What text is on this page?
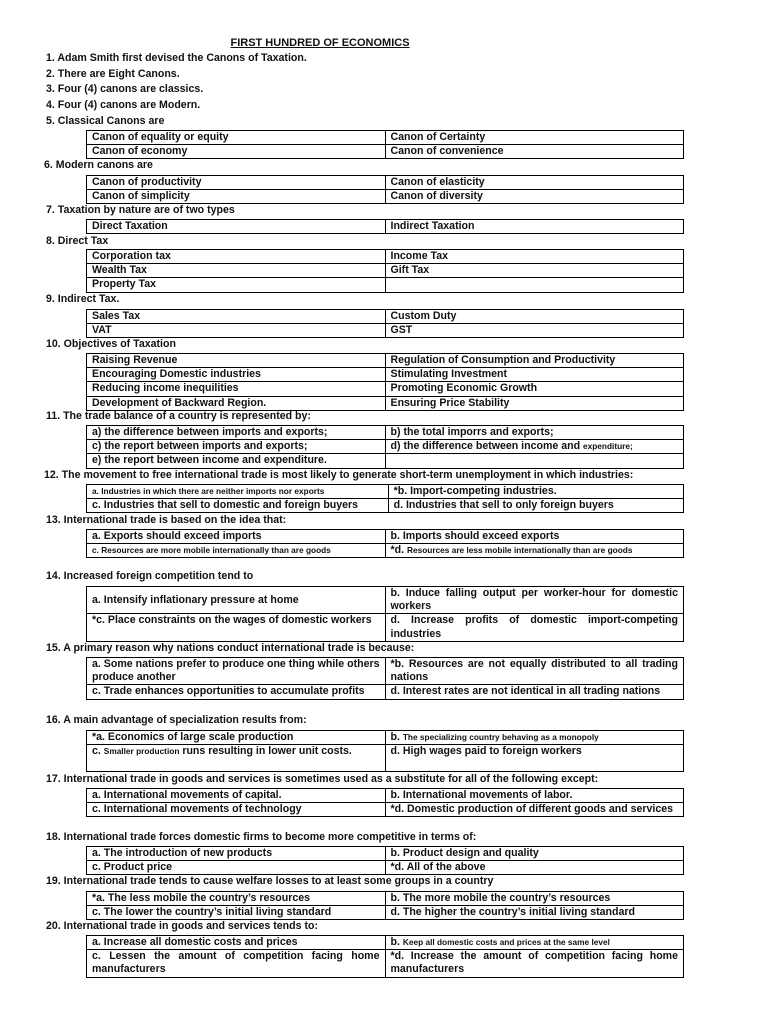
FIRST HUNDRED OF ECONOMICS
1. Adam Smith first devised the Canons of Taxation.
2. There are Eight Canons.
3. Four (4) canons are classics.
4. Four (4) canons are Modern.
5. Classical Canons are
Canon of equality or equity	Canon of Certainty
Canon of economy	Canon of convenience
6. Modern canons are
Canon of productivity	Canon of elasticity
Canon of simplicity	Canon of diversity
7. Taxation by nature are of two types
Direct Taxation	Indirect Taxation
8. Direct Tax
Corporation tax	Income Tax
Wealth Tax	Gift Tax
Property Tax	
9. Indirect Tax.
Sales Tax	Custom Duty
VAT	GST
10. Objectives of Taxation
Raising Revenue	Regulation of Consumption and Productivity
Encouraging Domestic industries	Stimulating Investment
Reducing income inequilities	Promoting Economic Growth
Development of Backward Region.	Ensuring Price Stability
11. The trade balance of a country is represented by:
a) the difference between imports and exports;	b) the total imporrs and exports;
c) the report between imports and exports;	d) the difference between income and expenditure;
e) the report between income and expenditure.	
12. The movement to free international trade is most likely to generate short-term unemployment in which industries:
a. Industries in which there are neither imports nor exports	*b. Import-competing industries.
c. Industries that sell to domestic and foreign buyers	d. Industries that sell to only foreign buyers
13. International trade is based on the idea that:
a. Exports should exceed imports	b. Imports should exceed exports
c. Resources are more mobile internationally than are goods	*d. Resources are less mobile internationally than are goods
14. Increased foreign competition tend to
a. Intensify inflationary pressure at home	b. Induce falling output per worker-hour for domestic workers
*c. Place constraints on the wages of domestic workers	d. Increase profits of domestic import-competing industries
15. A primary reason why nations conduct international trade is because:
a. Some nations prefer to produce one thing while others produce another	*b. Resources are not equally distributed to all trading nations
c. Trade enhances opportunities to accumulate profits	d. Interest rates are not identical in all trading nations
16. A main advantage of specialization results from:
*a. Economics of large scale production	b. The specializing country behaving as a monopoly
c. Smaller production runs resulting in lower unit costs.	d. High wages paid to foreign workers
17. International trade in goods and services is sometimes used as a substitute for all of the following except:
a. International movements of capital.	b. International movements of labor.
c. International movements of technology	*d. Domestic production of different goods and services
18. International trade forces domestic firms to become more competitive in terms of:
a. The introduction of new products	b. Product design and quality
c. Product price	*d. All of the above
19. International trade tends to cause welfare losses to at least some groups in a country
*a. The less mobile the country’s resources	b. The more mobile the country’s resources
c. The lower the country’s initial living standard	d. The higher the country’s initial living standard
20. International trade in goods and services tends to:
a. Increase all domestic costs and prices	b. Keep all domestic costs and prices at the same level
c. Lessen the amount of competition facing home manufacturers	*d. Increase the amount of competition facing home manufacturers
